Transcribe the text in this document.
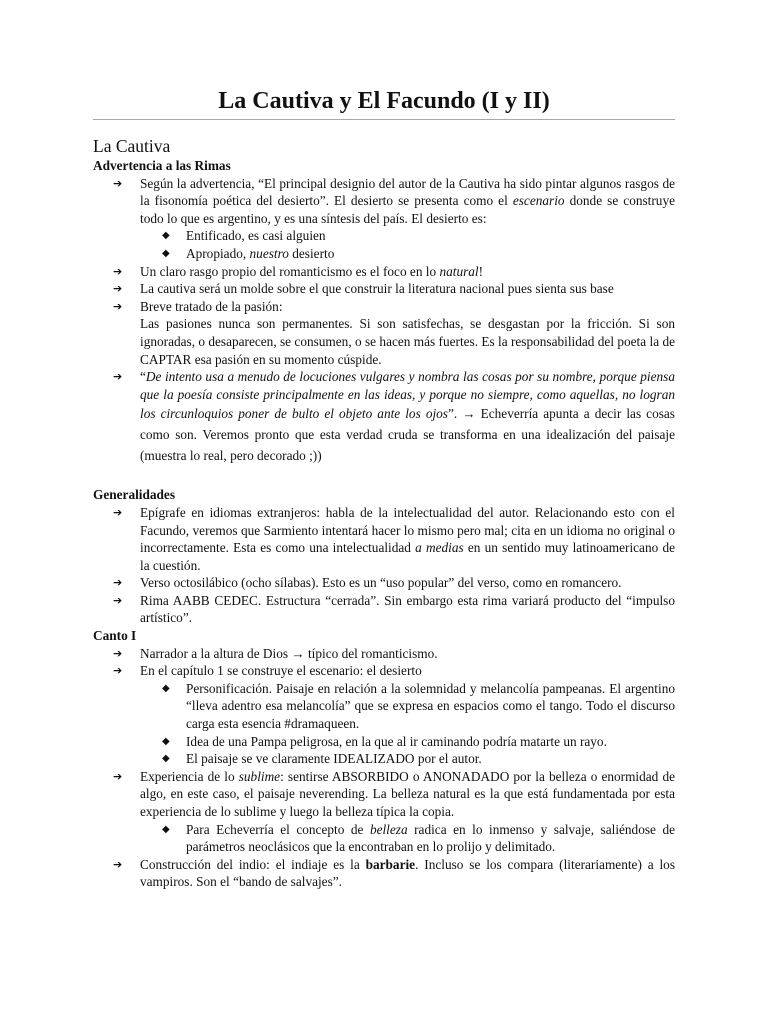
La Cautiva y El Facundo (I y II)
La Cautiva
Advertencia a las Rimas
➔ Según la advertencia, “El principal designio del autor de la Cautiva ha sido pintar algunos rasgos de la fisonomía poética del desierto”. El desierto se presenta como el escenario donde se construye todo lo que es argentino, y es una síntesis del país. El desierto es:
◆ Entificado, es casi alguien
◆ Apropiado, nuestro desierto
➔ Un claro rasgo propio del romanticismo es el foco en lo natural!
➔ La cautiva será un molde sobre el que construir la literatura nacional pues sienta sus base
➔ Breve tratado de la pasión:
Las pasiones nunca son permanentes. Si son satisfechas, se desgastan por la fricción. Si son ignoradas, o desaparecen, se consumen, o se hacen más fuertes. Es la responsabilidad del poeta la de CAPTAR esa pasión en su momento cúspide.
➔ “De intento usa a menudo de locuciones vulgares y nombra las cosas por su nombre, porque piensa que la poesía consiste principalmente en las ideas, y porque no siempre, como aquellas, no logran los circunloquios poner de bulto el objeto ante los ojos”. → Echeverría apunta a decir las cosas como son. Veremos pronto que esta verdad cruda se transforma en una idealización del paisaje (muestra lo real, pero decorado ;))
Generalidades
➔ Epígrafe en idiomas extranjeros: habla de la intelectualidad del autor. Relacionando esto con el Facundo, veremos que Sarmiento intentará hacer lo mismo pero mal; cita en un idioma no original o incorrectamente. Esta es como una intelectualidad a medias en un sentido muy latinoamericano de la cuestión.
➔ Verso octosilábico (ocho sílabas). Esto es un “uso popular” del verso, como en romancero.
➔ Rima AABB CEDEC. Estructura “cerrada”. Sin embargo esta rima variará producto del “impulso artístico”.
Canto I
➔ Narrador a la altura de Dios → típico del romanticismo.
➔ En el capítulo 1 se construye el escenario: el desierto
◆ Personificación. Paisaje en relación a la solemnidad y melancolía pampeanas. El argentino “lleva adentro esa melancolía” que se expresa en espacios como el tango. Todo el discurso carga esta esencia #dramaqueen.
◆ Idea de una Pampa peligrosa, en la que al ir caminando podría matarte un rayo.
◆ El paisaje se ve claramente IDEALIZADO por el autor.
➔ Experiencia de lo sublime: sentirse ABSORBIDO o ANONADADO por la belleza o enormidad de algo, en este caso, el paisaje neverending. La belleza natural es la que está fundamentada por esta experiencia de lo sublime y luego la belleza típica la copia.
◆ Para Echeverría el concepto de belleza radica en lo inmenso y salvaje, saliéndose de parámetros neoclásicos que la encontraban en lo prolijo y delimitado.
➔ Construcción del indio: el indiaje es la barbarie. Incluso se los compara (literariamente) a los vampiros. Son el “bando de salvajes”.
